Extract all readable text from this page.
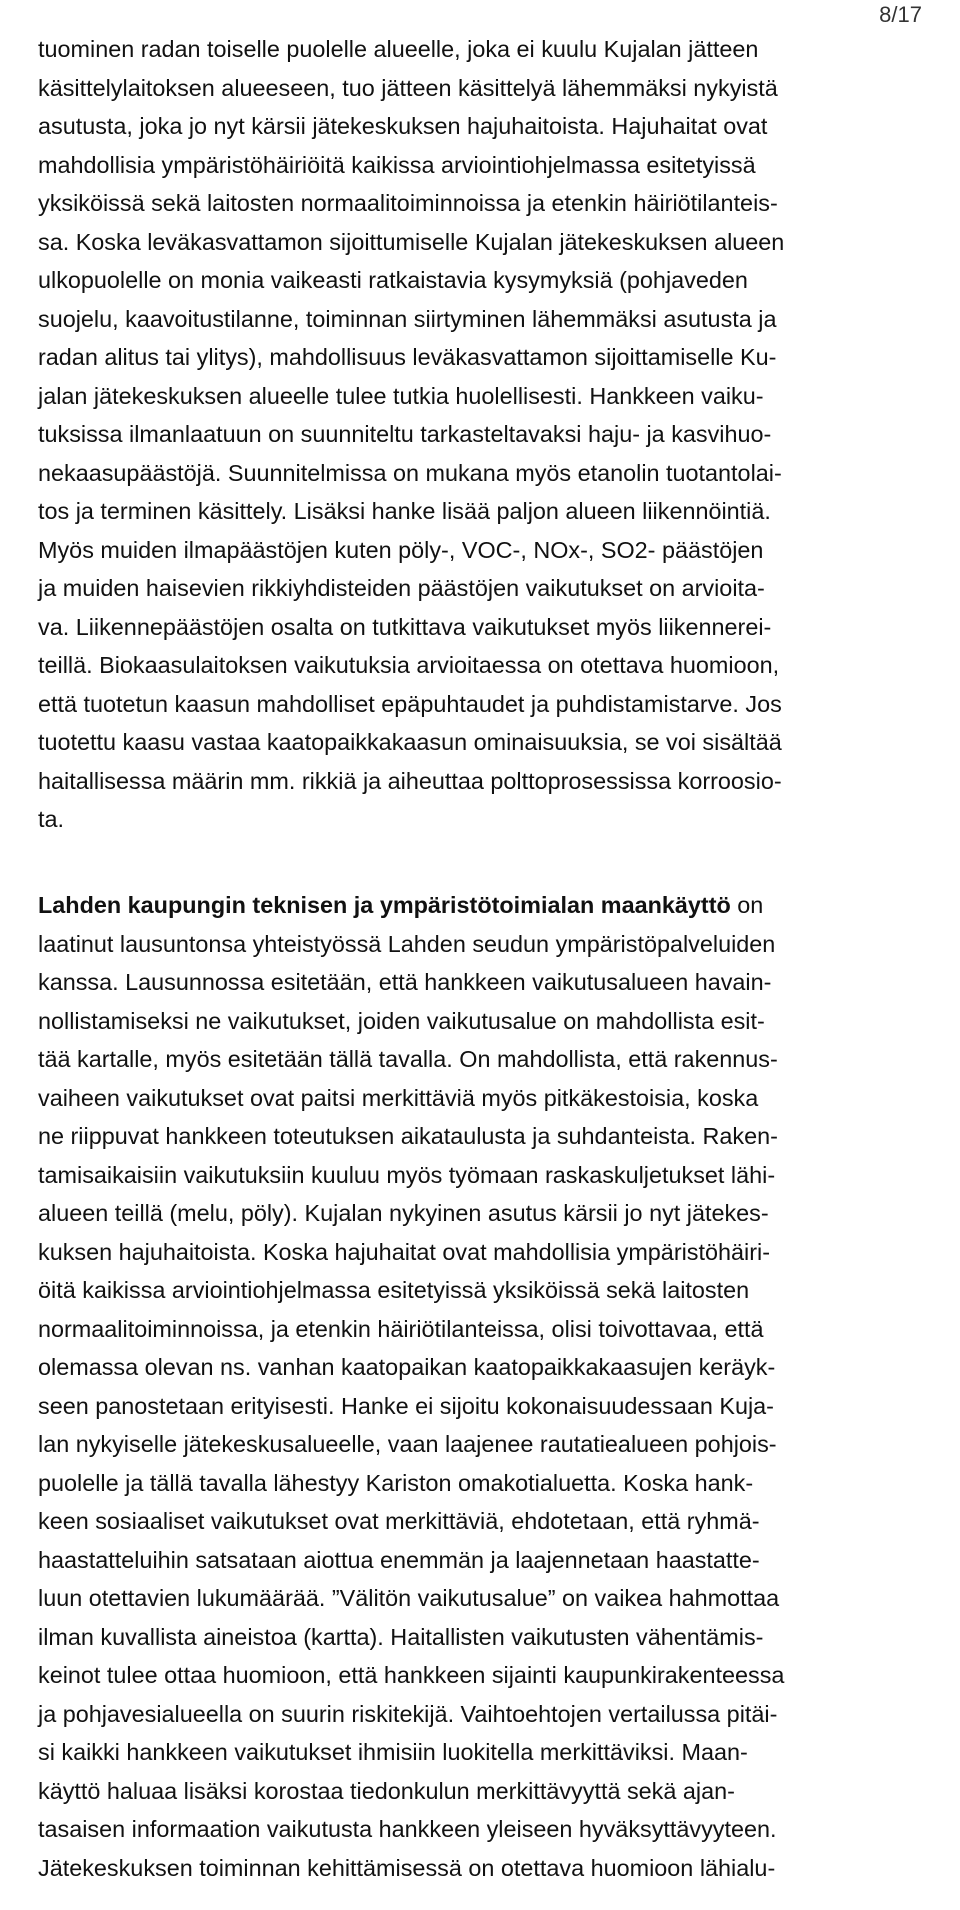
8/17
tuominen radan toiselle puolelle alueelle, joka ei kuulu Kujalan jätteen
käsittelylaitoksen alueeseen, tuo jätteen käsittelyä lähemmäksi nykyistä
asutusta, joka jo nyt kärsii jätekeskuksen hajuhaitoista. Hajuhaitat ovat
mahdollisia ympäristöhäiriöitä kaikissa arviointiohjelmassa esitetyissä
yksiköissä sekä laitosten normaalitoiminnoissa ja etenkin häiriötilanteis-
sa. Koska leväkasvattamon sijoittumiselle Kujalan jätekeskuksen alueen
ulkopuolelle on monia vaikeasti ratkaistavia kysymyksiä (pohjaveden
suojelu, kaavoitustilanne, toiminnan siirtyminen lähemmäksi asutusta ja
radan alitus tai ylitys), mahdollisuus leväkasvattamon sijoittamiselle Ku-
jalan jätekeskuksen alueelle tulee tutkia huolellisesti. Hankkeen vaiku-
tuksissa ilmanlaatuun on suunniteltu tarkasteltavaksi haju- ja kasvihuo-
nekaasupäästöjä. Suunnitelmissa on mukana myös etanolin tuotantolai-
tos ja terminen käsittely. Lisäksi hanke lisää paljon alueen liikennöintiä.
Myös muiden ilmapäästöjen kuten pöly-, VOC-, NOx-, SO2- päästöjen
ja muiden haisevien rikkiyhdisteiden päästöjen vaikutukset on arvioita-
va. Liikennepäästöjen osalta on tutkittava vaikutukset myös liikennerei-
teillä. Biokaasulaitoksen vaikutuksia arvioitaessa on otettava huomioon,
että tuotetun kaasun mahdolliset epäpuhtaudet ja puhdistamistarve. Jos
tuotettu kaasu vastaa kaatopaikkakaasun ominaisuuksia, se voi sisältää
haitallisessa määrin mm. rikkiä ja aiheuttaa polttoprosessissa korroosio-
ta.
Lahden kaupungin teknisen ja ympäristötoimialan maankäyttö on
laatinut lausuntonsa yhteistyössä Lahden seudun ympäristöpalveluiden
kanssa. Lausunnossa esitetään, että hankkeen vaikutusalueen havain-
nollistamiseksi ne vaikutukset, joiden vaikutusalue on mahdollista esit-
tää kartalle, myös esitetään tällä tavalla. On mahdollista, että rakennus-
vaiheen vaikutukset ovat paitsi merkittäviä myös pitkäkestoisia, koska
ne riippuvat hankkeen toteutuksen aikataulusta ja suhdanteista. Raken-
tamisaikaisiin vaikutuksiin kuuluu myös työmaan raskaskuljetukset lähi-
alueen teillä (melu, pöly). Kujalan nykyinen asutus kärsii jo nyt jätekes-
kuksen hajuhaitoista. Koska hajuhaitat ovat mahdollisia ympäristöhäiri-
öitä kaikissa arviointiohjelmassa esitetyissä yksiköissä sekä laitosten
normaalitoiminnoissa, ja etenkin häiriötilanteissa, olisi toivottavaa, että
olemassa olevan ns. vanhan kaatopaikan kaatopaikkakaasujen keräyk-
seen panostetaan erityisesti. Hanke ei sijoitu kokonaisuudessaan Kuja-
lan nykyiselle jätekeskusalueelle, vaan laajenee rautatiealueen pohjois-
puolelle ja tällä tavalla lähestyy Kariston omakotialuetta. Koska hank-
keen sosiaaliset vaikutukset ovat merkittäviä, ehdotetaan, että ryhmä-
haastatteluihin satsataan aiottua enemmän ja laajennetaan haastatte-
luun otettavien lukumäärää. ”Välitön vaikutusalue” on vaikea hahmottaa
ilman kuvallista aineistoa (kartta). Haitallisten vaikutusten vähentämis-
keinot tulee ottaa huomioon, että hankkeen sijainti kaupunkirakenteessa
ja pohjavesialueella on suurin riskitekijä. Vaihtoehtojen vertailussa pitäi-
si kaikki hankkeen vaikutukset ihmisiin luokitella merkittäviksi. Maan-
käyttö haluaa lisäksi korostaa tiedonkulun merkittävyyttä sekä ajan-
tasaisen informaation vaikutusta hankkeen yleiseen hyväksyttävyyteen.
Jätekeskuksen toiminnan kehittämisessä on otettava huomioon lähialu-
